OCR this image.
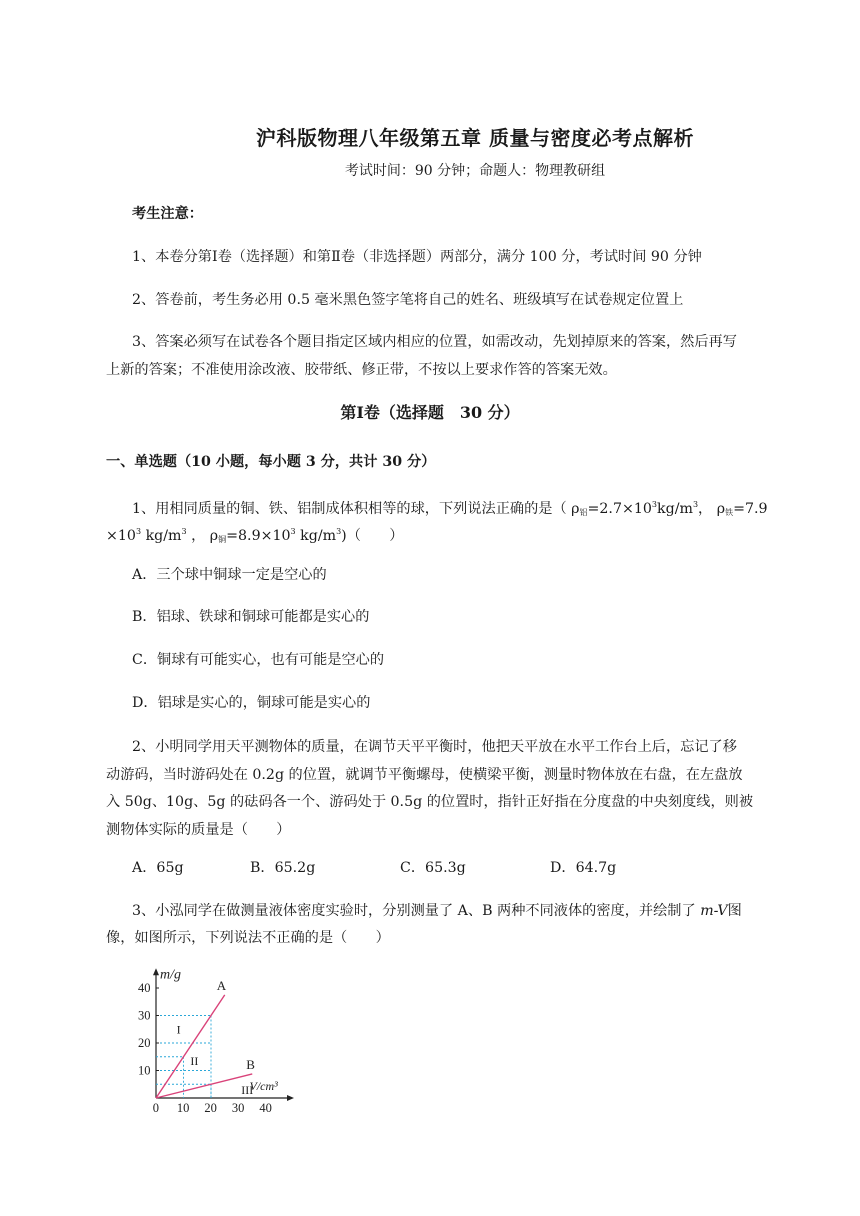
沪科版物理八年级第五章 质量与密度必考点解析
考试时间：90 分钟；命题人：物理教研组
考生注意：
1、本卷分第Ⅰ卷（选择题）和第Ⅱ卷（非选择题）两部分，满分 100 分，考试时间 90 分钟
2、答卷前，考生务必用 0.5 毫米黑色签字笔将自己的姓名、班级填写在试卷规定位置上
3、答案必须写在试卷各个题目指定区域内相应的位置，如需改动，先划掉原来的答案，然后再写
上新的答案；不准使用涂改液、胶带纸、修正带，不按以上要求作答的答案无效。
第Ⅰ卷（选择题　30 分）
一、单选题（10 小题，每小题 3 分，共计 30 分）
1、用相同质量的铜、铁、铝制成体积相等的球，下列说法正确的是（ $\rho_铝=2.7\times 10^3kg/m^3$， $\rho_铁=7.9$
$\times 10^3$ $kg/m^3$ ， $\rho_铜=8.9\times 10^3$ $kg/m^3$)（　　）
A．三个球中铜球一定是空心的
B．铝球、铁球和铜球可能都是实心的
C．铜球有可能实心，也有可能是空心的
D．铝球是实心的，铜球可能是实心的
2、小明同学用天平测物体的质量，在调节天平平衡时，他把天平放在水平工作台上后，忘记了移
动游码，当时游码处在 0.2g 的位置，就调节平衡螺母，使横梁平衡，测量时物体放在右盘，在左盘放
入 50g、10g、5g 的砝码各一个、游码处于 0.5g 的位置时，指针正好指在分度盘的中央刻度线，则被
测物体实际的质量是（　　）
A．65g	B．65.2g	C．65.3g	D．64.7g
3、小泓同学在做测量液体密度实验时，分别测量了 A、B 两种不同液体的密度，并绘制了 m-V图
像，如图所示，下列说法不正确的是（　　）
A
B
0 10 20 30 40
10
20
30
40
m/g
V/cm³
I
II
III
